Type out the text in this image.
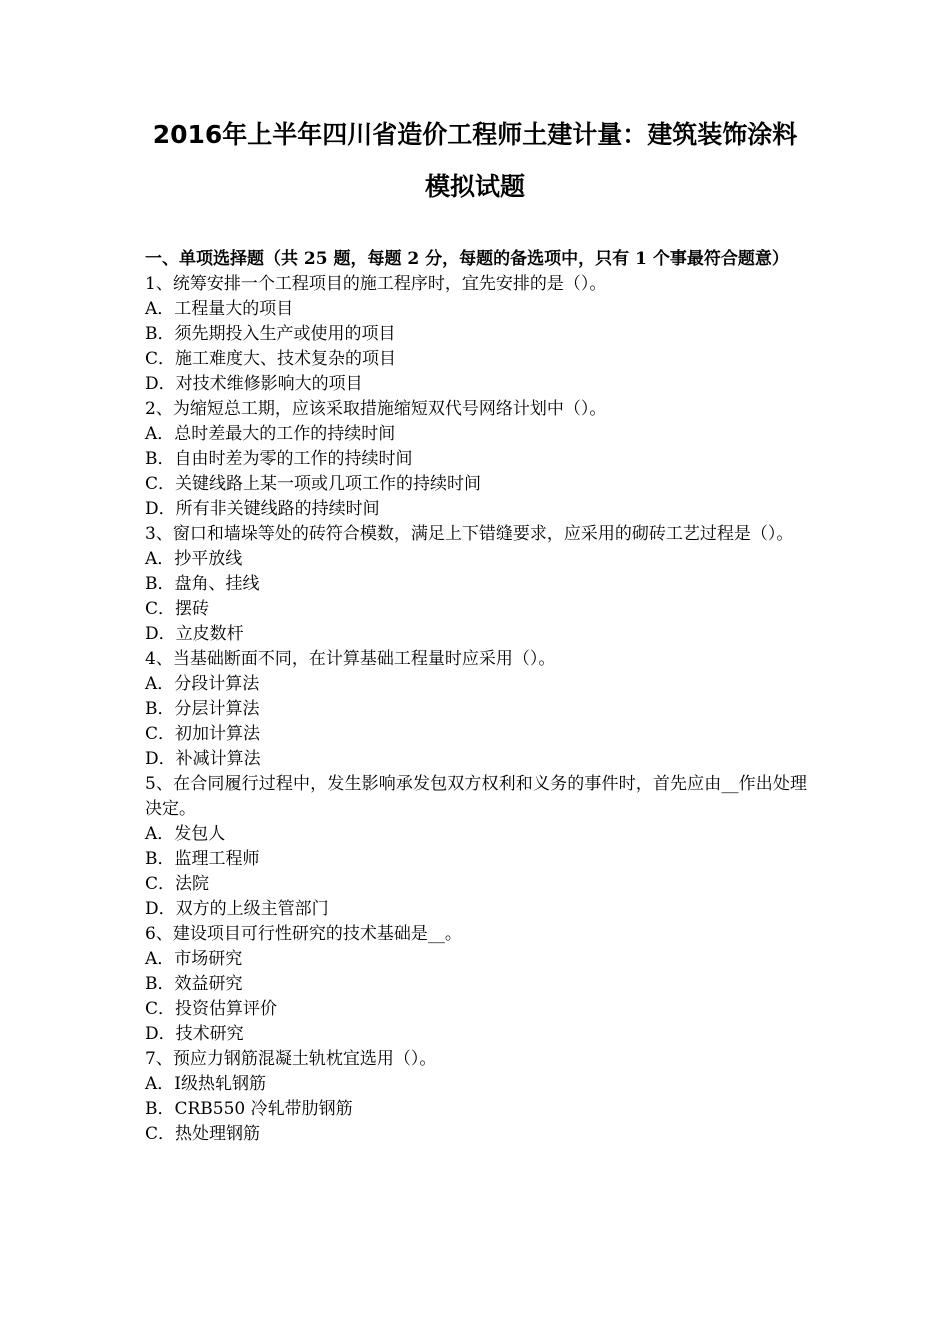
2016年上半年四川省造价工程师土建计量：建筑装饰涂料
模拟试题

一、单项选择题（共 25 题，每题 2 分，每题的备选项中，只有 1 个事最符合题意）

1、统筹安排一个工程项目的施工程序时，宜先安排的是（）。

A．工程量大的项目

B．须先期投入生产或使用的项目

C．施工难度大、技术复杂的项目

D．对技术维修影响大的项目

2、为缩短总工期，应该采取措施缩短双代号网络计划中（）。

A．总时差最大的工作的持续时间

B．自由时差为零的工作的持续时间

C．关键线路上某一项或几项工作的持续时间

D．所有非关键线路的持续时间

3、窗口和墙垛等处的砖符合模数，满足上下错缝要求，应采用的砌砖工艺过程是（）。

A．抄平放线

B．盘角、挂线

C．摆砖

D．立皮数杆

4、当基础断面不同，在计算基础工程量时应采用（）。

A．分段计算法

B．分层计算法

C．初加计算法

D．补减计算法

5、在合同履行过程中，发生影响承发包双方权利和义务的事件时，首先应由__作出处理决定。

A．发包人

B．监理工程师

C．法院

D．双方的上级主管部门

6、建设项目可行性研究的技术基础是__。

A．市场研究

B．效益研究

C．投资估算评价

D．技术研究

7、预应力钢筋混凝土轨枕宜选用（）。

A．Ⅰ级热轧钢筋

B．CRB550 冷轧带肋钢筋

C．热处理钢筋
